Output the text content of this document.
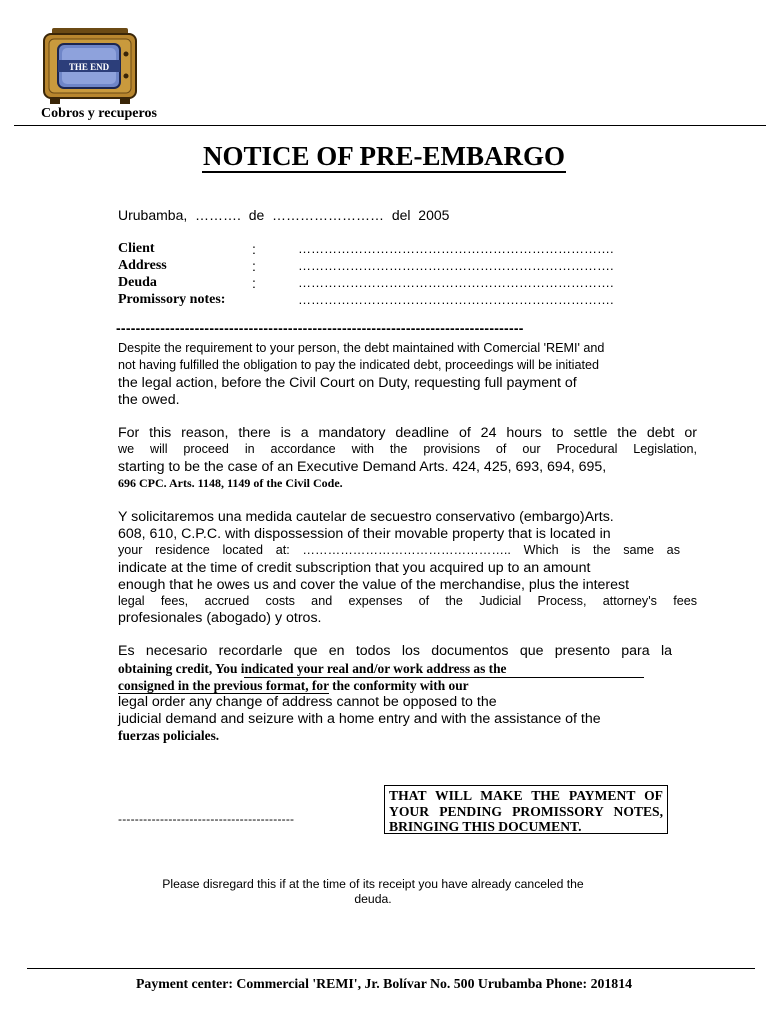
THE END
Cobros y recuperos
NOTICE OF PRE-EMBARGO
Urubamba,  ……….  de  ……………………  del  2005
Client	:	……………………………………………………………….
Address	:	……………………………………………………………….
Deuda	:	……………………………………………………………….
Promissory notes:	……………………………………………………………….
-----------------------------------------------------------------------------------
Despite the requirement to your person, the debt maintained with Comercial 'REMI' and
not having fulfilled the obligation to pay the indicated debt, proceedings will be initiated
the legal action, before the Civil Court on Duty, requesting full payment of
the owed.
For this reason, there is a mandatory deadline of 24 hours to settle the debt or
we will proceed in accordance with the provisions of our Procedural Legislation,
starting to be the case of an Executive Demand Arts. 424, 425, 693, 694, 695,
696 CPC. Arts. 1148, 1149 of the Civil Code.
Y solicitaremos una medida cautelar de secuestro conservativo (embargo)Arts.
608, 610, C.P.C. with dispossession of their movable property that is located in
your residence located at: ………………………………………….. Which is the same as
indicate at the time of credit subscription that you acquired up to an amount
enough that he owes us and cover the value of the merchandise, plus the interest
legal fees, accrued costs and expenses of the Judicial Process, attorney's fees
profesionales (abogado) y otros.
Es necesario recordarle que en todos los documentos que presento para la
obtaining credit, You indicated your real and/or work address as the
consigned in the previous format, for the conformity with our
legal order any change of address cannot be opposed to the
judicial demand and seizure with a home entry and with the assistance of the
fuerzas policiales.
------------------------------------------
THAT WILL MAKE THE PAYMENT OF
YOUR PENDING PROMISSORY NOTES,
BRINGING THIS DOCUMENT.
Please disregard this if at the time of its receipt you have already canceled the
deuda.
Payment center: Commercial 'REMI', Jr. Bolívar No. 500 Urubamba Phone: 201814
